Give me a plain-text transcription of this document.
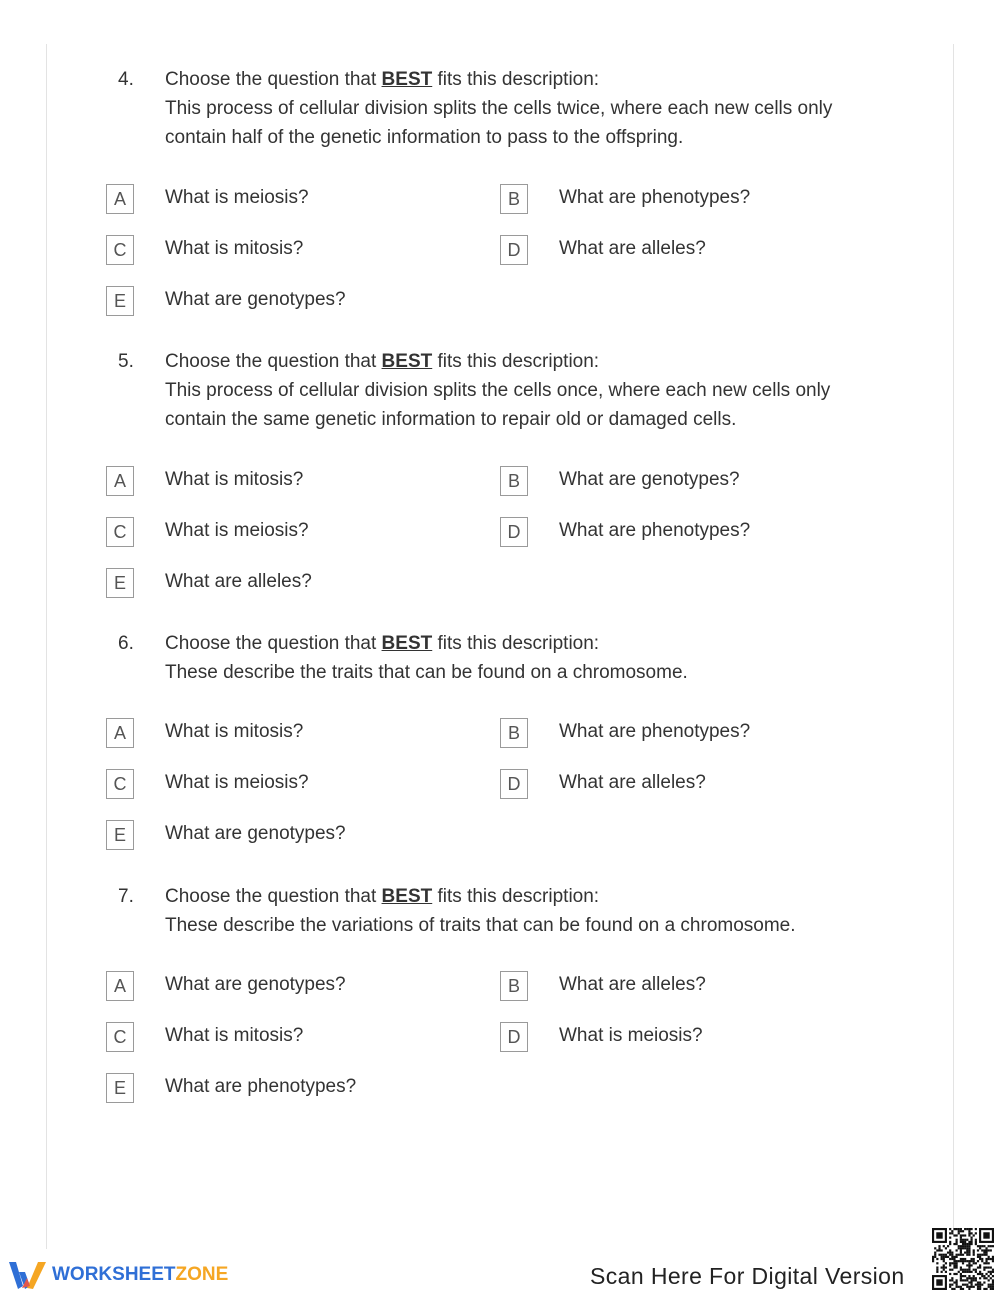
4. Choose the question that BEST fits this description:
This process of cellular division splits the cells twice, where each new cells only contain half of the genetic information to pass to the offspring.
A	What is meiosis?	B	What are phenotypes?
C	What is mitosis?	D	What are alleles?
E	What are genotypes?
5. Choose the question that BEST fits this description:
This process of cellular division splits the cells once, where each new cells only contain the same genetic information to repair old or damaged cells.
A	What is mitosis?	B	What are genotypes?
C	What is meiosis?	D	What are phenotypes?
E	What are alleles?
6. Choose the question that BEST fits this description:
These describe the traits that can be found on a chromosome.
A	What is mitosis?	B	What are phenotypes?
C	What is meiosis?	D	What are alleles?
E	What are genotypes?
7. Choose the question that BEST fits this description:
These describe the variations of traits that can be found on a chromosome.
A	What are genotypes?	B	What are alleles?
C	What is mitosis?	D	What is meiosis?
E	What are phenotypes?
WORKSHEETZONE	Scan Here For Digital Version
